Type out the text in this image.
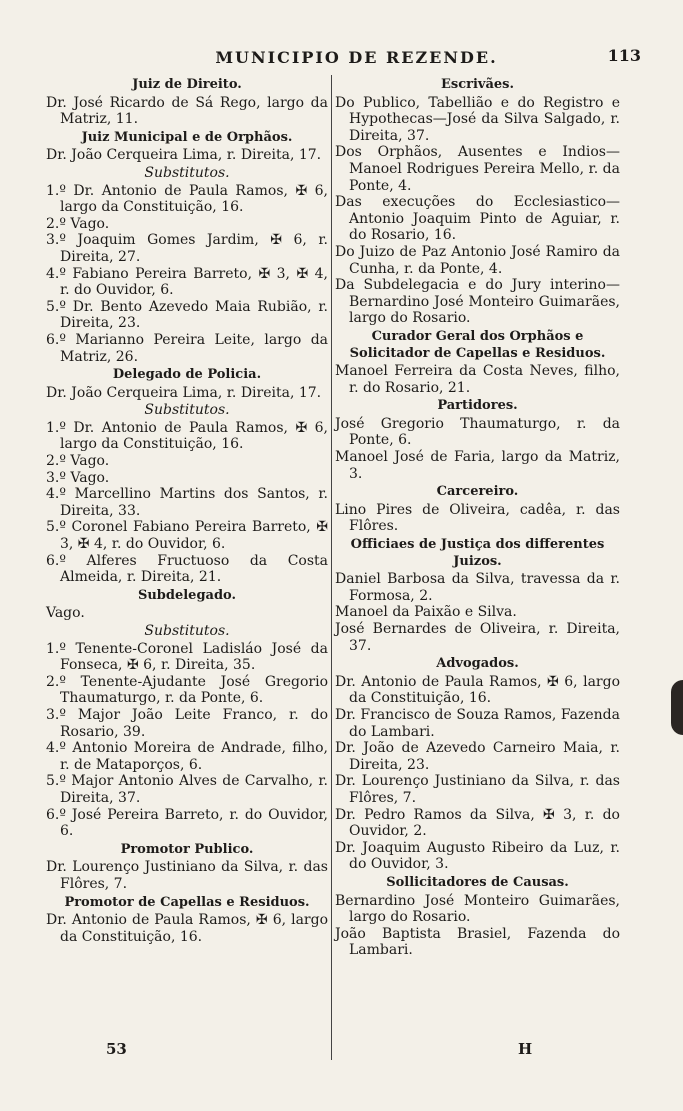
MUNICIPIO DE REZENDE.	113
Juiz de Direito.
Dr. José Ricardo de Sá Rego, largo da Matriz, 11.
Juiz Municipal e de Orphãos.
Dr. João Cerqueira Lima, r. Direita, 17.
Substitutos.
1.º Dr. Antonio de Paula Ramos, ✠ 6, largo da Constituição, 16.
2.º Vago.
3.º Joaquim Gomes Jardim, ✠ 6, r. Direita, 27.
4.º Fabiano Pereira Barreto, ✠ 3, ✠ 4, r. do Ouvidor, 6.
5.º Dr. Bento Azevedo Maia Rubião, r. Direita, 23.
6.º Marianno Pereira Leite, largo da Matriz, 26.
Delegado de Policia.
Dr. João Cerqueira Lima, r. Direita, 17.
Substitutos.
1.º Dr. Antonio de Paula Ramos, ✠ 6, largo da Constituição, 16.
2.º Vago.
3.º Vago.
4.º Marcellino Martins dos Santos, r. Direita, 33.
5.º Coronel Fabiano Pereira Barreto, ✠ 3, ✠ 4, r. do Ouvidor, 6.
6.º Alferes Fructuoso da Costa Almeida, r. Direita, 21.
Subdelegado.
Vago.
Substitutos.
1.º Tenente-Coronel Ladisláo José da Fonseca, ✠ 6, r. Direita, 35.
2.º Tenente-Ajudante José Gregorio Thaumaturgo, r. da Ponte, 6.
3.º Major João Leite Franco, r. do Rosario, 39.
4.º Antonio Moreira de Andrade, filho, r. de Mataporços, 6.
5.º Major Antonio Alves de Carvalho, r. Direita, 37.
6.º José Pereira Barreto, r. do Ouvidor, 6.
Promotor Publico.
Dr. Lourenço Justiniano da Silva, r. das Flôres, 7.
Promotor de Capellas e Residuos.
Dr. Antonio de Paula Ramos, ✠ 6, largo da Constituição, 16.
Escrivães.
Do Publico, Tabellião e do Registro e Hypothecas—José da Silva Salgado, r. Direita, 37.
Dos Orphãos, Ausentes e Indios—Manoel Rodrigues Pereira Mello, r. da Ponte, 4.
Das execuções do Ecclesiastico—Antonio Joaquim Pinto de Aguiar, r. do Rosario, 16.
Do Juizo de Paz Antonio José Ramiro da Cunha, r. da Ponte, 4.
Da Subdelegacia e do Jury interino—Bernardino José Monteiro Guimarães, largo do Rosario.
Curador Geral dos Orphãos e Solicitador de Capellas e Residuos.
Manoel Ferreira da Costa Neves, filho, r. do Rosario, 21.
Partidores.
José Gregorio Thaumaturgo, r. da Ponte, 6.
Manoel José de Faria, largo da Matriz, 3.
Carcereiro.
Lino Pires de Oliveira, cadêa, r. das Flôres.
Officiaes de Justiça dos differentes Juizos.
Daniel Barbosa da Silva, travessa da r. Formosa, 2.
Manoel da Paixão e Silva.
José Bernardes de Oliveira, r. Direita, 37.
Advogados.
Dr. Antonio de Paula Ramos, ✠ 6, largo da Constituição, 16.
Dr. Francisco de Souza Ramos, Fazenda do Lambari.
Dr. João de Azevedo Carneiro Maia, r. Direita, 23.
Dr. Lourenço Justiniano da Silva, r. das Flôres, 7.
Dr. Pedro Ramos da Silva, ✠ 3, r. do Ouvidor, 2.
Dr. Joaquim Augusto Ribeiro da Luz, r. do Ouvidor, 3.
Sollicitadores de Causas.
Bernardino José Monteiro Guimarães, largo do Rosario.
João Baptista Brasiel, Fazenda do Lambari.
53	H
